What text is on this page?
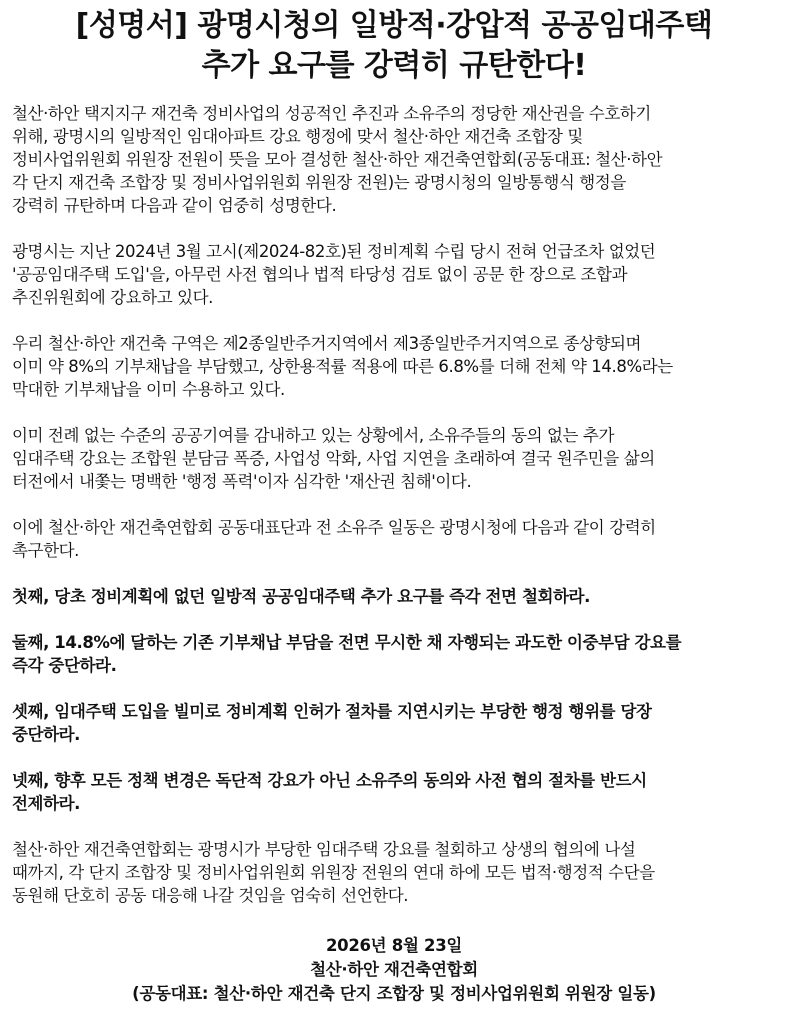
[성명서] 광명시청의 일방적·강압적 공공임대주택
추가 요구를 강력히 규탄한다!

철산·하안 택지지구 재건축 정비사업의 성공적인 추진과 소유주의 정당한 재산권을 수호하기
위해, 광명시의 일방적인 임대아파트 강요 행정에 맞서 철산·하안 재건축 조합장 및
정비사업위원회 위원장 전원이 뜻을 모아 결성한 철산·하안 재건축연합회(공동대표: 철산·하안
각 단지 재건축 조합장 및 정비사업위원회 위원장 전원)는 광명시청의 일방통행식 행정을
강력히 규탄하며 다음과 같이 엄중히 성명한다.

광명시는 지난 2024년 3월 고시(제2024-82호)된 정비계획 수립 당시 전혀 언급조차 없었던
'공공임대주택 도입'을, 아무런 사전 협의나 법적 타당성 검토 없이 공문 한 장으로 조합과
추진위원회에 강요하고 있다.

우리 철산·하안 재건축 구역은 제2종일반주거지역에서 제3종일반주거지역으로 종상향되며
이미 약 8%의 기부채납을 부담했고, 상한용적률 적용에 따른 6.8%를 더해 전체 약 14.8%라는
막대한 기부채납을 이미 수용하고 있다.

이미 전례 없는 수준의 공공기여를 감내하고 있는 상황에서, 소유주들의 동의 없는 추가
임대주택 강요는 조합원 분담금 폭증, 사업성 악화, 사업 지연을 초래하여 결국 원주민을 삶의
터전에서 내쫓는 명백한 '행정 폭력'이자 심각한 '재산권 침해'이다.

이에 철산·하안 재건축연합회 공동대표단과 전 소유주 일동은 광명시청에 다음과 같이 강력히
촉구한다.

첫째, 당초 정비계획에 없던 일방적 공공임대주택 추가 요구를 즉각 전면 철회하라.

둘째, 14.8%에 달하는 기존 기부채납 부담을 전면 무시한 채 자행되는 과도한 이중부담 강요를
즉각 중단하라.

셋째, 임대주택 도입을 빌미로 정비계획 인허가 절차를 지연시키는 부당한 행정 행위를 당장
중단하라.

넷째, 향후 모든 정책 변경은 독단적 강요가 아닌 소유주의 동의와 사전 협의 절차를 반드시
전제하라.

철산·하안 재건축연합회는 광명시가 부당한 임대주택 강요를 철회하고 상생의 협의에 나설
때까지, 각 단지 조합장 및 정비사업위원회 위원장 전원의 연대 하에 모든 법적·행정적 수단을
동원해 단호히 공동 대응해 나갈 것임을 엄숙히 선언한다.

2026년 8월 23일
철산·하안 재건축연합회
(공동대표: 철산·하안 재건축 단지 조합장 및 정비사업위원회 위원장 일동)
